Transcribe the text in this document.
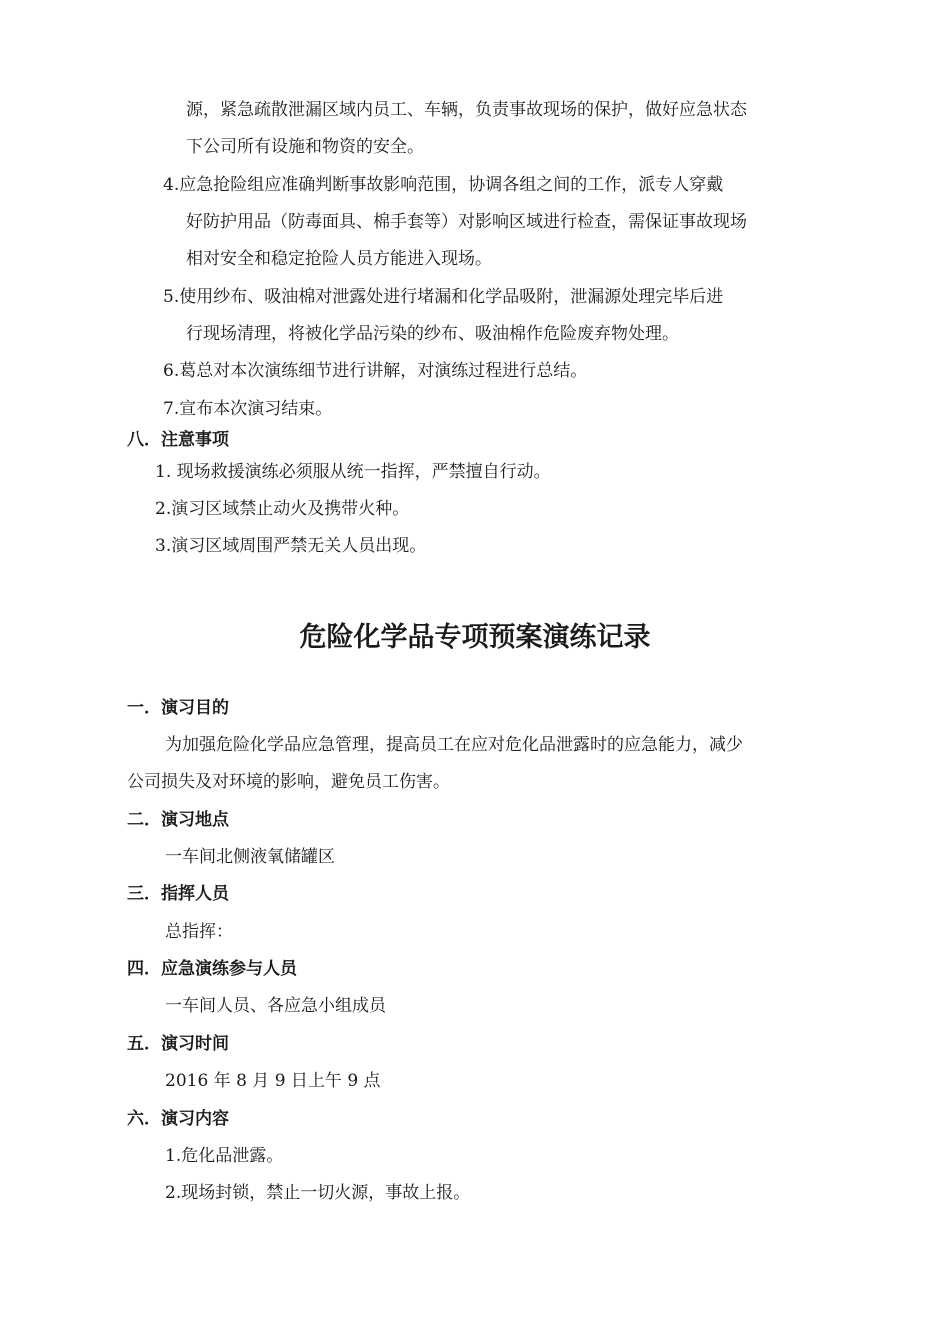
源，紧急疏散泄漏区域内员工、车辆，负责事故现场的保护，做好应急状态
下公司所有设施和物资的安全。
4.应急抢险组应准确判断事故影响范围，协调各组之间的工作，派专人穿戴
好防护用品（防毒面具、棉手套等）对影响区域进行检查，需保证事故现场
相对安全和稳定抢险人员方能进入现场。
5.使用纱布、吸油棉对泄露处进行堵漏和化学品吸附，泄漏源处理完毕后进
行现场清理，将被化学品污染的纱布、吸油棉作危险废弃物处理。
6.葛总对本次演练细节进行讲解，对演练过程进行总结。
7.宣布本次演习结束。
八．注意事项
1. 现场救援演练必须服从统一指挥，严禁擅自行动。
2.演习区域禁止动火及携带火种。
3.演习区域周围严禁无关人员出现。
危险化学品专项预案演练记录
一．演习目的
为加强危险化学品应急管理，提高员工在应对危化品泄露时的应急能力，减少
公司损失及对环境的影响，避免员工伤害。
二．演习地点
一车间北侧液氧储罐区
三．指挥人员
总指挥：
四．应急演练参与人员
一车间人员、各应急小组成员
五．演习时间
2016 年 8 月 9 日上午 9 点
六．演习内容
1.危化品泄露。
2.现场封锁，禁止一切火源，事故上报。
